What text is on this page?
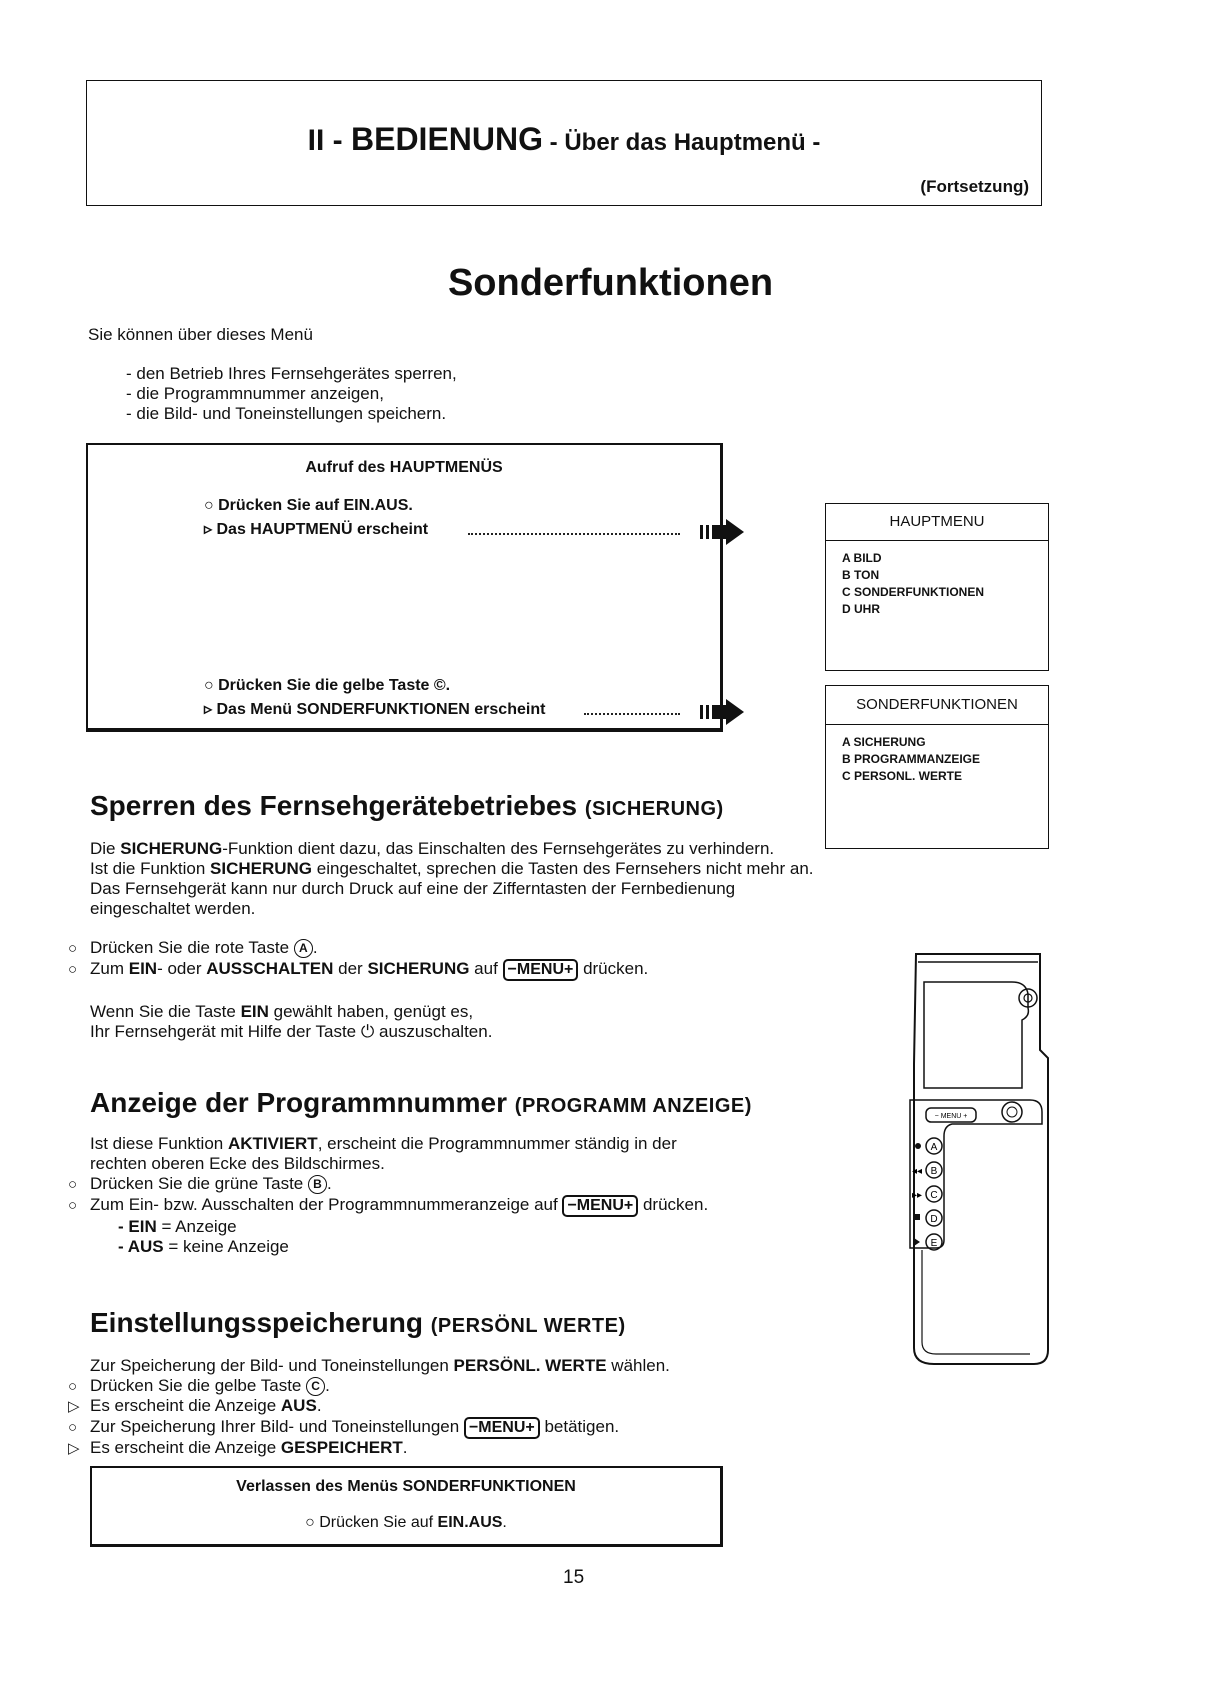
II - BEDIENUNG - Über das Hauptmenü -
(Fortsetzung)
Sonderfunktionen
Sie können über dieses Menü
- den Betrieb Ihres Fernsehgerätes sperren,
- die Programmnummer anzeigen,
- die Bild- und Toneinstellungen speichern.
Aufruf des HAUPTMENÜS
○ Drücken Sie auf EIN.AUS.
▹ Das HAUPTMENÜ erscheint
○ Drücken Sie die gelbe Taste ©.
▹ Das Menü SONDERFUNKTIONEN erscheint
HAUPTMENU
A BILD
B TON
C SONDERFUNKTIONEN
D UHR
SONDERFUNKTIONEN
A SICHERUNG
B PROGRAMMANZEIGE
C PERSONL. WERTE
Sperren des Fernsehgerätebetriebes (SICHERUNG)
Die SICHERUNG-Funktion dient dazu, das Einschalten des Fernsehgerätes zu verhindern.
Ist die Funktion SICHERUNG eingeschaltet, sprechen die Tasten des Fernsehers nicht mehr an.
Das Fernsehgerät kann nur durch Druck auf eine der Zifferntasten der Fernbedienung
eingeschaltet werden.
○ Drücken Sie die rote Taste A .
○ Zum EIN- oder AUSSCHALTEN der SICHERUNG auf −MENU+ drücken.
Wenn Sie die Taste EIN gewählt haben, genügt es,
Ihr Fernsehgerät mit Hilfe der Taste ⏻ auszuschalten.
Anzeige der Programmnummer (PROGRAMM ANZEIGE)
Ist diese Funktion AKTIVIERT, erscheint die Programmnummer ständig in der
rechten oberen Ecke des Bildschirmes.
○ Drücken Sie die grüne Taste B .
○ Zum Ein- bzw. Ausschalten der Programmnummeranzeige auf −MENU+ drücken.
- EIN = Anzeige
- AUS = keine Anzeige
Einstellungsspeicherung (PERSÖNL WERTE)
Zur Speicherung der Bild- und Toneinstellungen PERSÖNL. WERTE wählen.
○ Drücken Sie die gelbe Taste C .
▷ Es erscheint die Anzeige AUS.
○ Zur Speicherung Ihrer Bild- und Toneinstellungen −MENU+ betätigen.
▷ Es erscheint die Anzeige GESPEICHERT.
Verlassen des Menüs SONDERFUNKTIONEN
○ Drücken Sie auf EIN.AUS.
15
− MENU +
A
◂◂ B
▸▸ C
D
E
